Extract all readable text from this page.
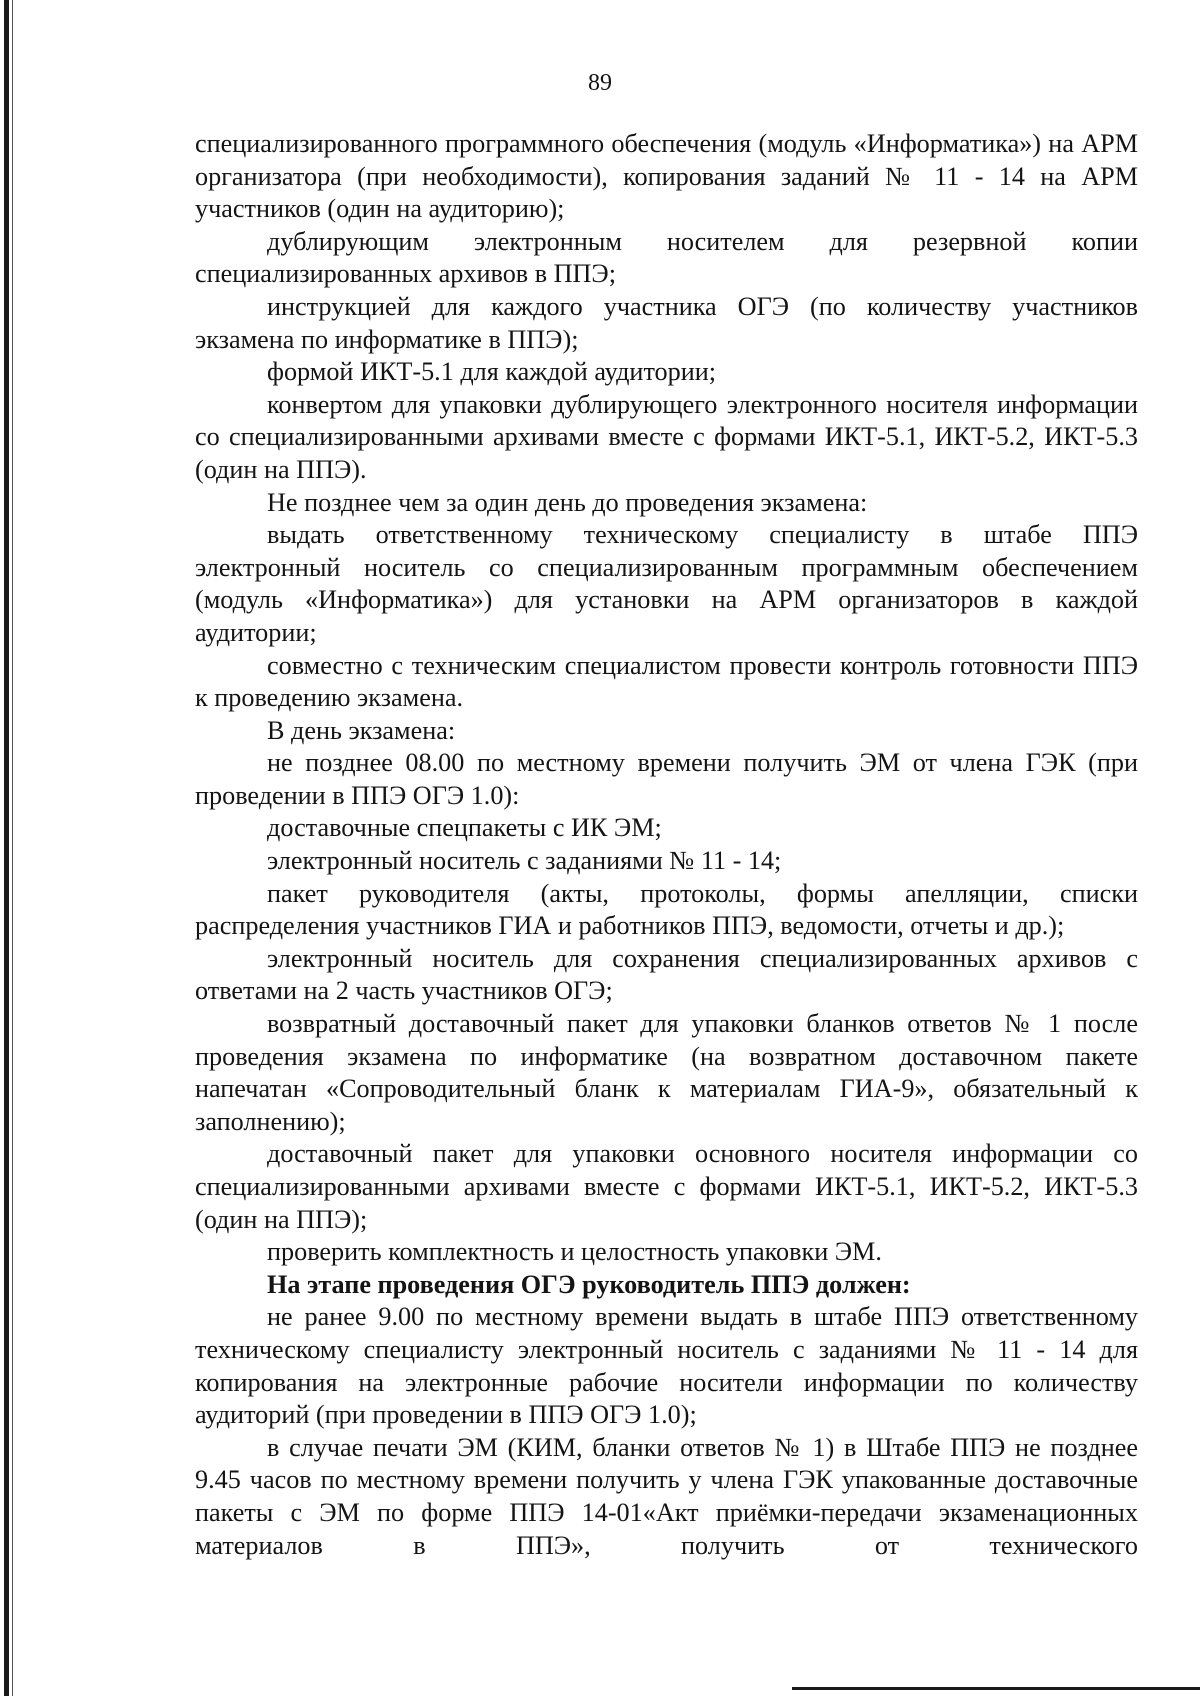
89

специализированного программного обеспечения (модуль «Информатика») на АРМ организатора (при необходимости), копирования заданий № 11 - 14 на АРМ участников (один на аудиторию);

дублирующим электронным носителем для резервной копии специализированных архивов в ППЭ;

инструкцией для каждого участника ОГЭ (по количеству участников экзамена по информатике в ППЭ);

формой ИКТ-5.1 для каждой аудитории;

конвертом для упаковки дублирующего электронного носителя информации со специализированными архивами вместе с формами ИКТ-5.1, ИКТ-5.2, ИКТ-5.3 (один на ППЭ).

Не позднее чем за один день до проведения экзамена:

выдать ответственному техническому специалисту в штабе ППЭ электронный носитель со специализированным программным обеспечением (модуль «Информатика») для установки на АРМ организаторов в каждой аудитории;

совместно с техническим специалистом провести контроль готовности ППЭ к проведению экзамена.

В день экзамена:

не позднее 08.00 по местному времени получить ЭМ от члена ГЭК (при проведении в ППЭ ОГЭ 1.0):

доставочные спецпакеты с ИК ЭМ;

электронный носитель с заданиями № 11 - 14;

пакет руководителя (акты, протоколы, формы апелляции, списки распределения участников ГИА и работников ППЭ, ведомости, отчеты и др.);

электронный носитель для сохранения специализированных архивов с ответами на 2 часть участников ОГЭ;

возвратный доставочный пакет для упаковки бланков ответов № 1 после проведения экзамена по информатике (на возвратном доставочном пакете напечатан «Сопроводительный бланк к материалам ГИА-9», обязательный к заполнению);

доставочный пакет для упаковки основного носителя информации со специализированными архивами вместе с формами ИКТ-5.1, ИКТ-5.2, ИКТ-5.3 (один на ППЭ);

проверить комплектность и целостность упаковки ЭМ.

На этапе проведения ОГЭ руководитель ППЭ должен:

не ранее 9.00 по местному времени выдать в штабе ППЭ ответственному техническому специалисту электронный носитель с заданиями № 11 - 14 для копирования на электронные рабочие носители информации по количеству аудиторий (при проведении в ППЭ ОГЭ 1.0);

в случае печати ЭМ (КИМ, бланки ответов № 1) в Штабе ППЭ не позднее 9.45 часов по местному времени получить у члена ГЭК упакованные доставочные пакеты с ЭМ по форме ППЭ 14-01«Акт приёмки-передачи экзаменационных материалов в ППЭ», получить от технического
